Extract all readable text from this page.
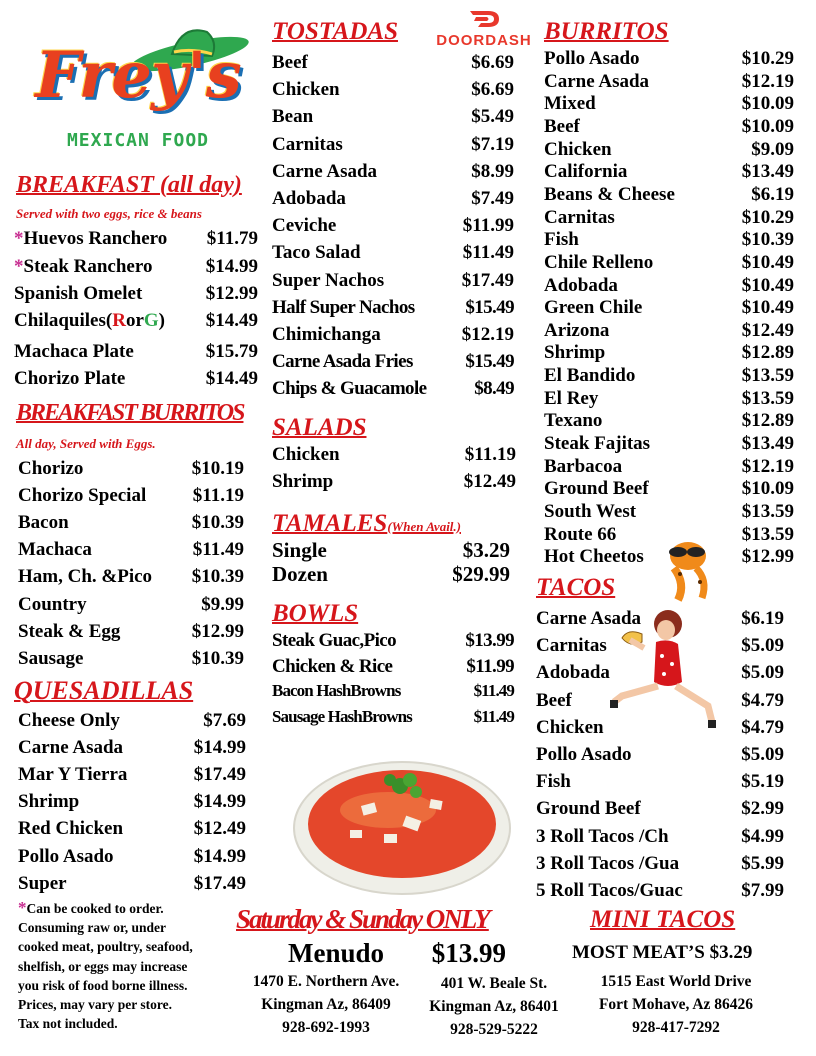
Frey's
MEXICAN FOOD
DOORDASH
BREAKFAST (all day)
Served with two eggs, rice & beans
*Huevos Ranchero $11.79
*Steak Ranchero	$14.99
Spanish Omelet	$12.99
Chilaquiles(RorG) $14.49
Machaca Plate	$15.79
Chorizo Plate	$14.49
BREAKFAST BURRITOS
All day, Served with Eggs.
Chorizo	$10.19
Chorizo Special $11.19
Bacon	$10.39
Machaca	$11.49
Ham, Ch. &Pico $10.39
Country	$9.99
Steak & Egg	$12.99
Sausage	$10.39
QUESADILLAS
Cheese Only	$7.69
Carne Asada	$14.99
Mar Y Tierra	$17.49
Shrimp	$14.99
Red Chicken	$12.49
Pollo Asado	$14.99
Super	$17.49
*Can be cooked to order.
Consuming raw or, under
cooked meat, poultry, seafood,
shelfish, or eggs may increase
you risk of food borne illness.
Prices, may vary per store.
Tax not included.
TOSTADAS
Beef	$6.69
Chicken	$6.69
Bean	$5.49
Carnitas	$7.19
Carne Asada	$8.99
Adobada	$7.49
Ceviche	$11.99
Taco Salad	$11.49
Super Nachos	$17.49
Half Super Nachos	$15.49
Chimichanga	$12.19
Carne Asada Fries	$15.49
Chips & Guacamole	$8.49
SALADS
Chicken	$11.19
Shrimp	$12.49
TAMALES(When Avail.)
Single	$3.29
Dozen	$29.99
BOWLS
Steak Guac,Pico	$13.99
Chicken & Rice	$11.99
Bacon HashBrowns	$11.49
Sausage HashBrowns	$11.49
BURRITOS
Pollo Asado	$10.29
Carne Asada	$12.19
Mixed	$10.09
Beef	$10.09
Chicken	$9.09
California	$13.49
Beans & Cheese	$6.19
Carnitas	$10.29
Fish	$10.39
Chile Relleno	$10.49
Adobada	$10.49
Green Chile	$10.49
Arizona	$12.49
Shrimp	$12.89
El Bandido	$13.59
El Rey	$13.59
Texano	$12.89
Steak Fajitas	$13.49
Barbacoa	$12.19
Ground Beef	$10.09
South West	$13.59
Route 66	$13.59
Hot Cheetos	$12.99
TACOS
Carne Asada	$6.19
Carnitas	$5.09
Adobada	$5.09
Beef	$4.79
Chicken	$4.79
Pollo Asado	$5.09
Fish	$5.19
Ground Beef	$2.99
3 Roll Tacos /Ch	$4.99
3 Roll Tacos /Gua	$5.99
5 Roll Tacos/Guac	$7.99
MINI TACOS
MOST MEAT’S $3.29
Saturday & Sunday ONLY
Menudo $13.99
1470 E. Northern Ave.
Kingman Az, 86409
928-692-1993
401 W. Beale St.
Kingman Az, 86401
928-529-5222
1515 East World Drive
Fort Mohave, Az 86426
928-417-7292
